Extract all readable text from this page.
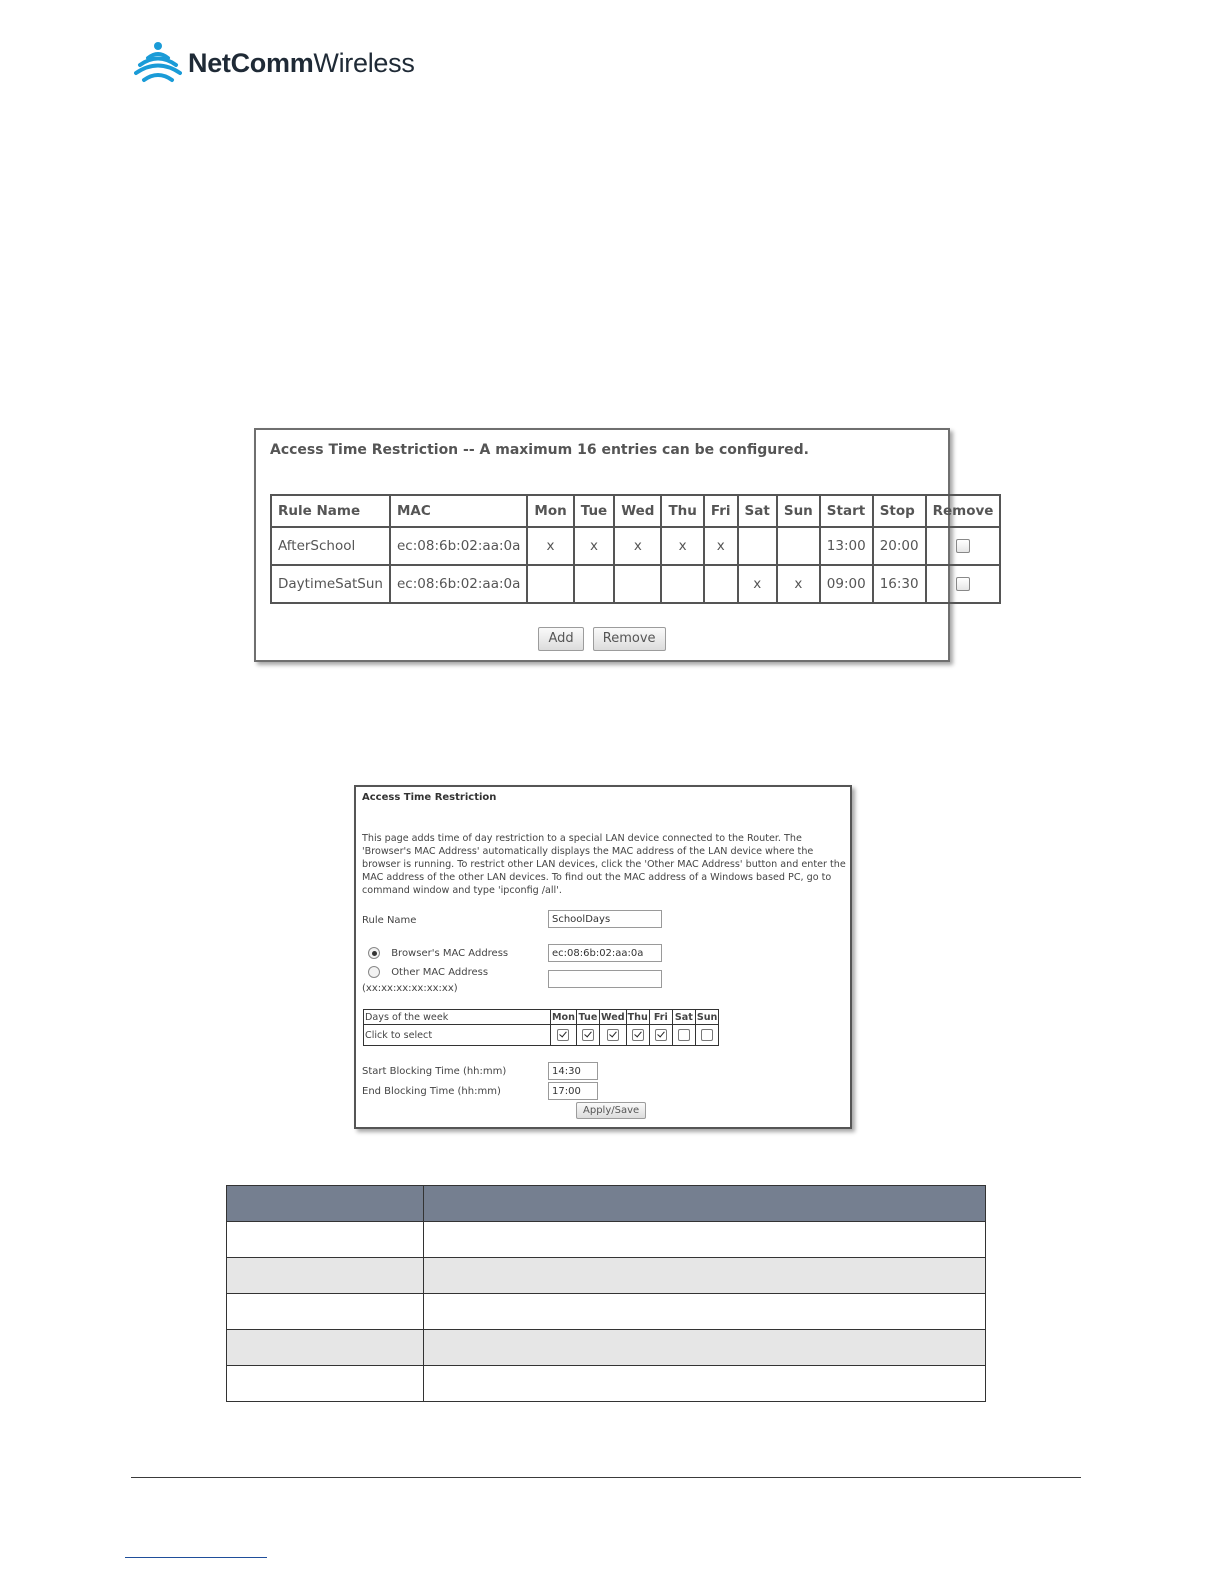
NetCommWireless
Access Time Restriction -- A maximum 16 entries can be configured.
Rule Name	MAC	Mon	Tue	Wed	Thu	Fri	Sat	Sun	Start	Stop	Remove
AfterSchool	ec:08:6b:02:aa:0a	x	x	x	x	x			13:00	20:00	
DaytimeSatSun	ec:08:6b:02:aa:0a						x	x	09:00	16:30	
Add Remove
Access Time Restriction
This page adds time of day restriction to a special LAN device connected to the Router. The 'Browser's MAC Address' automatically displays the MAC address of the LAN device where the browser is running. To restrict other LAN devices, click the 'Other MAC Address' button and enter the MAC address of the other LAN devices. To find out the MAC address of a Windows based PC, go to command window and type 'ipconfig /all'.
Rule Name	SchoolDays
Browser's MAC Address	ec:08:6b:02:aa:0a
Other MAC Address
(xx:xx:xx:xx:xx:xx)
Days of the week	Mon	Tue	Wed	Thu	Fri	Sat	Sun
Click to select							
Start Blocking Time (hh:mm)	14:30
End Blocking Time (hh:mm)	17:00
Apply/Save
